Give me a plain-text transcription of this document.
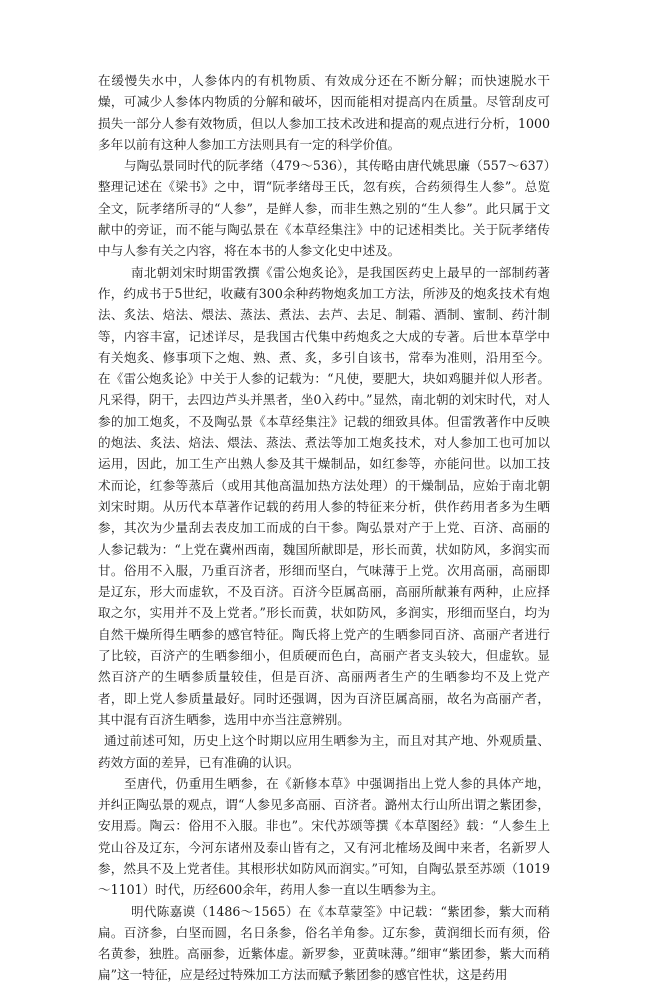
在缓慢失水中，人参体内的有机物质、有效成分还在不断分解；而快速脱水干燥，可减少人参体内物质的分解和破坏，因而能相对提高内在质量。尽管刮皮可损失一部分人参有效物质，但以人参加工技术改进和提高的观点进行分析，1000多年以前有这种人参加工方法则具有一定的科学价值。

与陶弘景同时代的阮孝绪（479～536），其传略由唐代姚思廉（557～637）整理记述在《梁书》之中，谓“阮孝绪母王氏，忽有疾，合药须得生人参”。总览全文，阮孝绪所寻的“人参”，是鲜人参，而非生熟之别的“生人参”。此只属于文献中的旁证，而不能与陶弘景在《本草经集注》中的记述相类比。关于阮孝绪传中与人参有关之内容，将在本书的人参文化史中述及。

南北朝刘宋时期雷敩撰《雷公炮炙论》，是我国医药史上最早的一部制药著作，约成书于5世纪，收藏有300余种药物炮炙加工方法，所涉及的炮炙技术有炮法、炙法、焙法、煨法、蒸法、煮法、去芦、去足、制霜、酒制、蜜制、药汁制等，内容丰富，记述详尽，是我国古代集中药炮炙之大成的专著。后世本草学中有关炮炙、修事项下之炮、熟、煮、炙，多引自该书，常奉为准则，沿用至今。在《雷公炮炙论》中关于人参的记载为：“凡使，要肥大，块如鸡腿并似人形者。凡采得，阴干，去四边芦头并黑者，坐0入药中。”显然，南北朝的刘宋时代，对人参的加工炮炙，不及陶弘景《本草经集注》记载的细致具体。但雷敩著作中反映的炮法、炙法、焙法、煨法、蒸法、煮法等加工炮炙技术，对人参加工也可加以运用，因此，加工生产出熟人参及其干燥制品，如红参等，亦能问世。以加工技术而论，红参等蒸后（或用其他高温加热方法处理）的干燥制品，应始于南北朝刘宋时期。从历代本草著作记载的药用人参的特征来分析，供作药用者多为生晒参，其次为少量刮去表皮加工而成的白干参。陶弘景对产于上党、百济、高丽的人参记载为：“上党在冀州西南，魏国所献即是，形长而黄，状如防风，多润实而甘。俗用不入服，乃重百济者，形细而坚白，气味薄于上党。次用高丽，高丽即是辽东，形大而虚软，不及百济。百济今臣属高丽，高丽所献兼有两种，止应择取之尔，实用并不及上党者。”形长而黄，状如防风，多润实，形细而坚白，均为自然干燥所得生晒参的感官特征。陶氏将上党产的生晒参同百济、高丽产者进行了比较，百济产的生晒参细小，但质硬而色白，高丽产者支头较大，但虚软。显然百济产的生晒参质量较佳，但是百济、高丽两者生产的生晒参均不及上党产者，即上党人参质量最好。同时还强调，因为百济臣属高丽，故名为高丽产者，其中混有百济生晒参，选用中亦当注意辨别。

通过前述可知，历史上这个时期以应用生晒参为主，而且对其产地、外观质量、药效方面的差异，已有准确的认识。

至唐代，仍重用生晒参，在《新修本草》中强调指出上党人参的具体产地，并纠正陶弘景的观点，谓“人参见多高丽、百济者。潞州太行山所出谓之紫团参，安用焉。陶云：俗用不入服。非也”。宋代苏颂等撰《本草图经》载：“人参生上党山谷及辽东，今河东诸州及泰山皆有之，又有河北榷场及闽中来者，名新罗人参，然具不及上党者佳。其根形状如防风而润实。”可知，自陶弘景至苏颂（1019～1101）时代，历经600余年，药用人参一直以生晒参为主。

明代陈嘉谟（1486～1565）在《本草蒙筌》中记载：“紫团参，紫大而稍扁。百济参，白坚而圆，名日条参，俗名羊角参。辽东参，黄润细长而有须，俗名黄参，独胜。高丽参，近紫体虚。新罗参，亚黄味薄。”细审“紫团参，紫大而稍扁”这一特征，应是经过特殊加工方法而赋予紫团参的感官性状，这是药用
